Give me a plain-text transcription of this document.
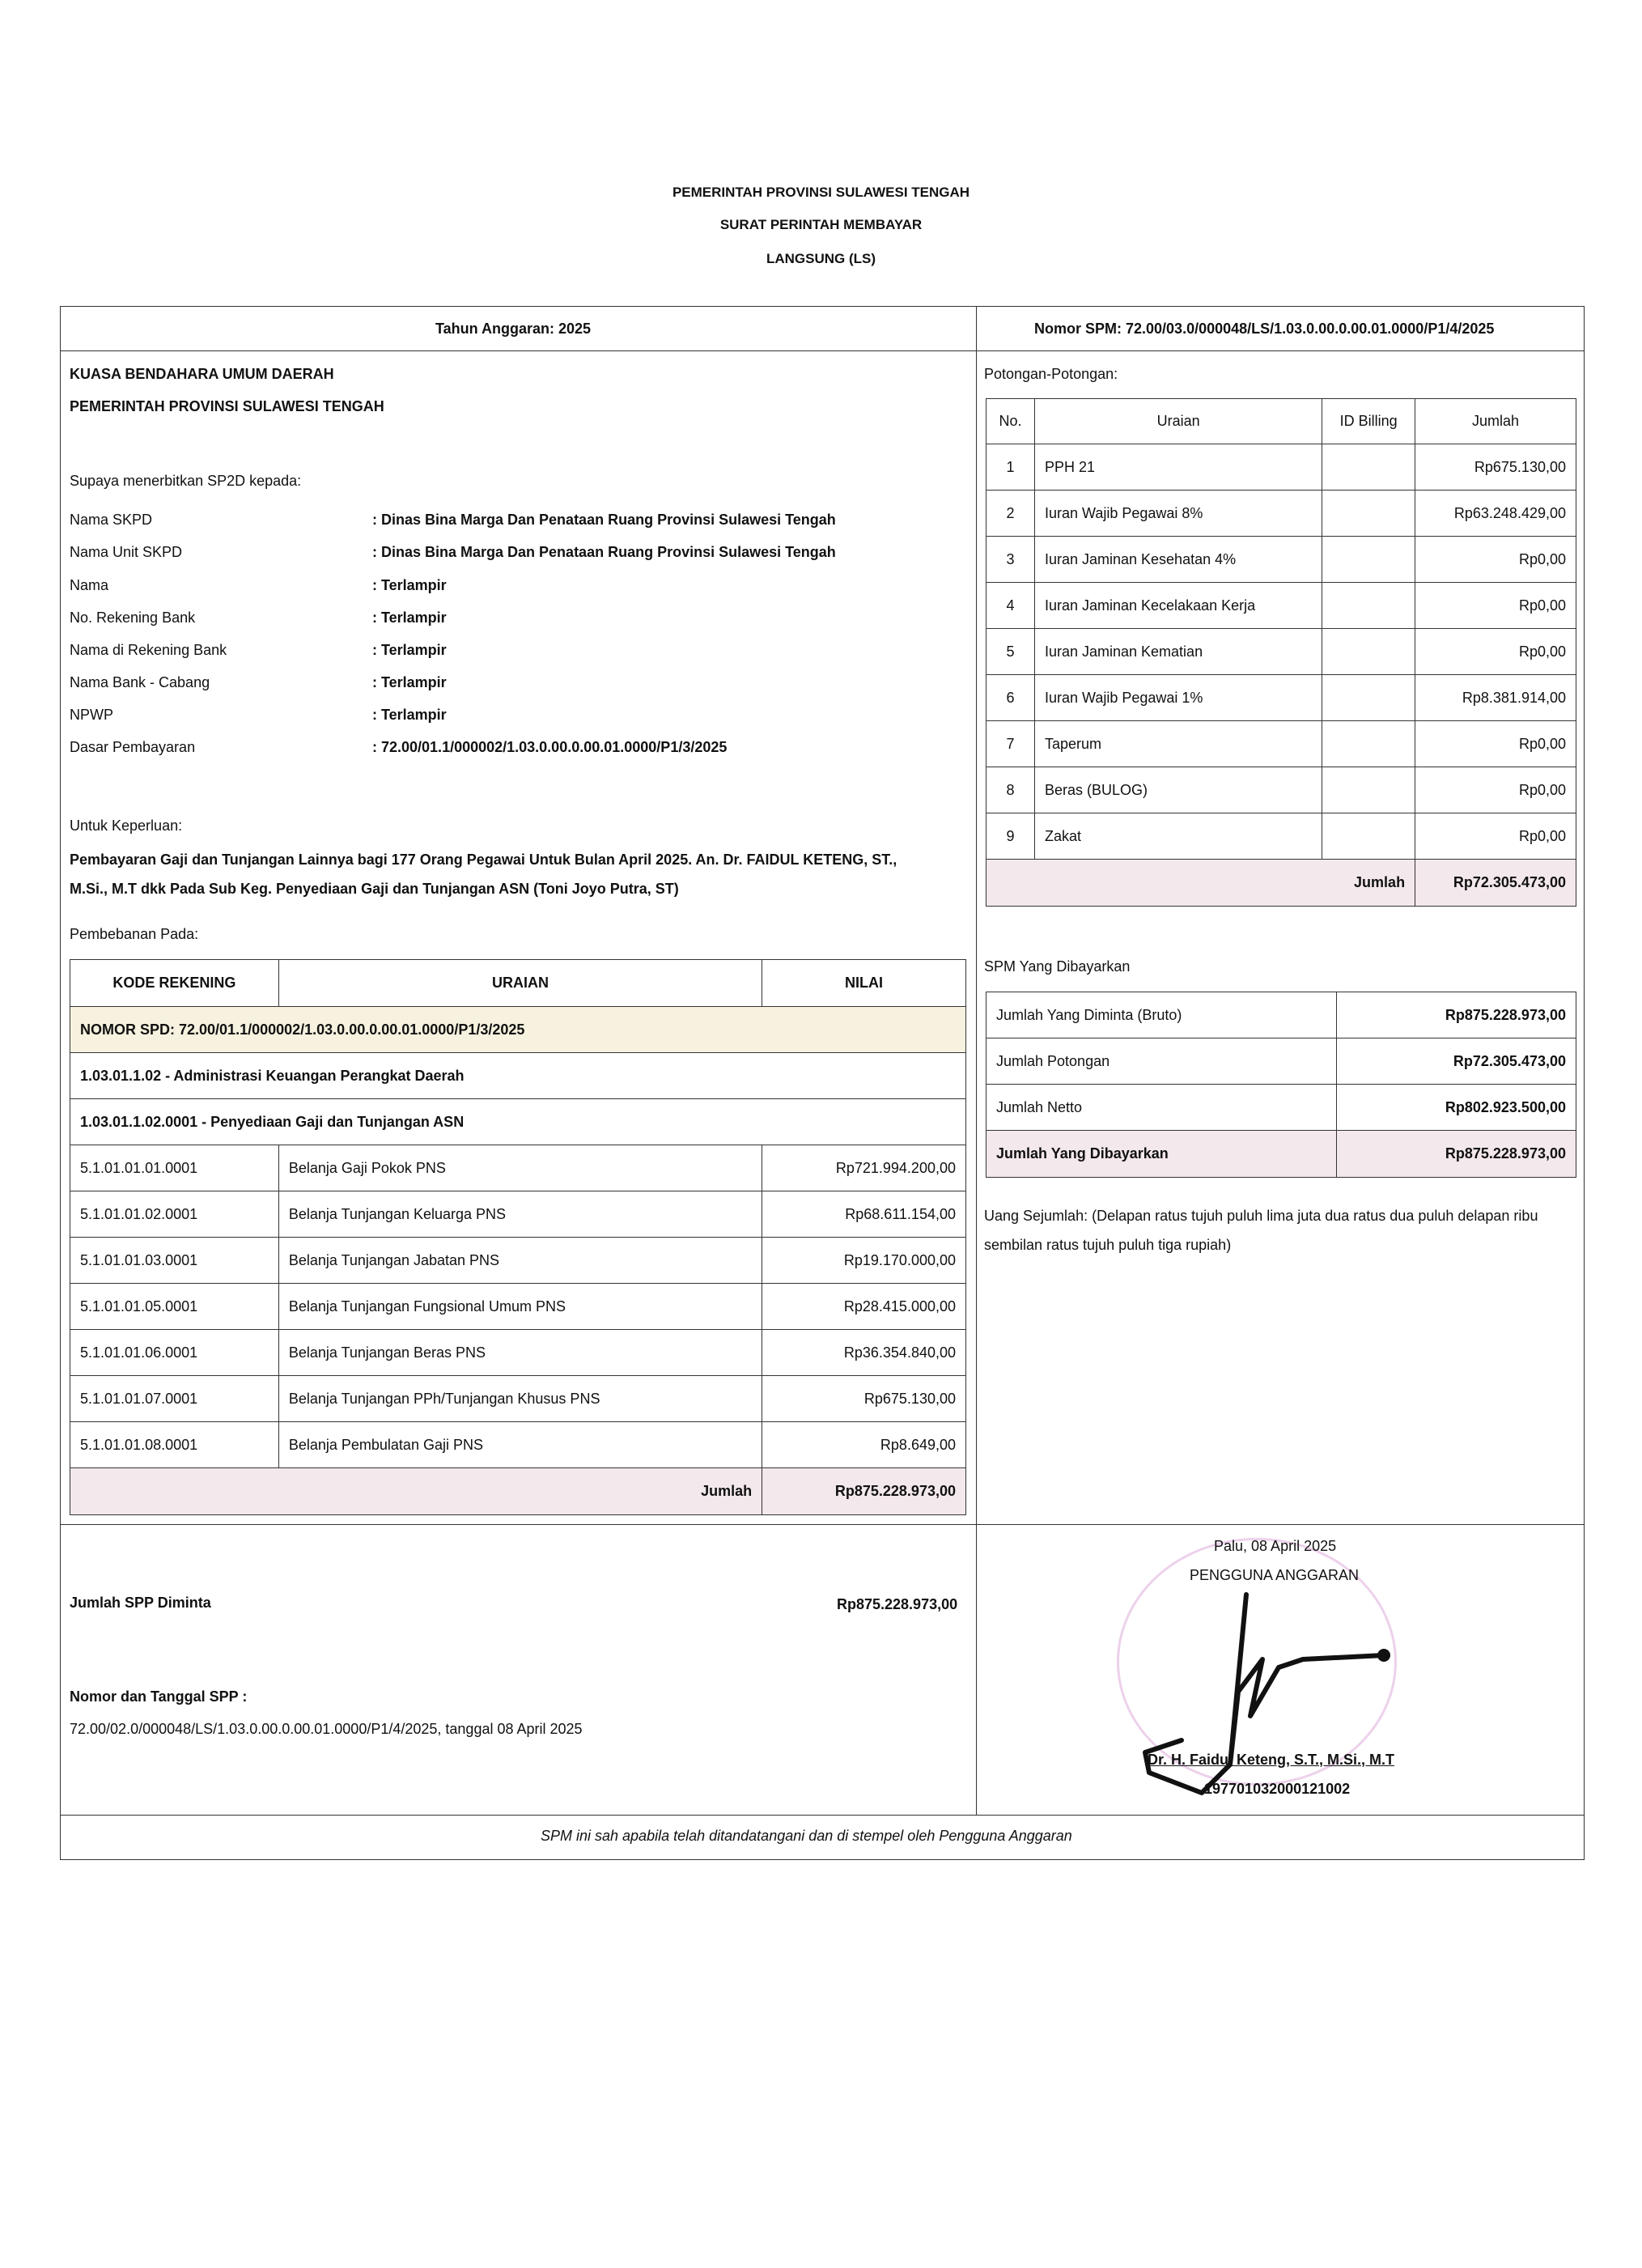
PEMERINTAH PROVINSI SULAWESI TENGAH
SURAT PERINTAH MEMBAYAR
LANGSUNG (LS)
Tahun Anggaran: 2025	Nomor SPM: 72.00/03.0/000048/LS/1.03.0.00.0.00.01.0000/P1/4/2025
KUASA BENDAHARA UMUM DAERAH
PEMERINTAH PROVINSI SULAWESI TENGAH
Supaya menerbitkan SP2D kepada:
Nama SKPD	: Dinas Bina Marga Dan Penataan Ruang Provinsi Sulawesi Tengah
Nama Unit SKPD	: Dinas Bina Marga Dan Penataan Ruang Provinsi Sulawesi Tengah
Nama	: Terlampir
No. Rekening Bank	: Terlampir
Nama di Rekening Bank	: Terlampir
Nama Bank - Cabang	: Terlampir
NPWP	: Terlampir
Dasar Pembayaran	: 72.00/01.1/000002/1.03.0.00.0.00.01.0000/P1/3/2025
Untuk Keperluan:
Pembayaran Gaji dan Tunjangan Lainnya bagi 177 Orang Pegawai Untuk Bulan April 2025. An. Dr. FAIDUL KETENG, ST.,
M.Si., M.T dkk Pada Sub Keg. Penyediaan Gaji dan Tunjangan ASN (Toni Joyo Putra, ST)
Pembebanan Pada:
KODE REKENING	URAIAN	NILAI
NOMOR SPD: 72.00/01.1/000002/1.03.0.00.0.00.01.0000/P1/3/2025		
1.03.01.1.02 - Administrasi Keuangan Perangkat Daerah		
1.03.01.1.02.0001 - Penyediaan Gaji dan Tunjangan ASN		
5.1.01.01.01.0001	Belanja Gaji Pokok PNS	Rp721.994.200,00
5.1.01.01.02.0001	Belanja Tunjangan Keluarga PNS	Rp68.611.154,00
5.1.01.01.03.0001	Belanja Tunjangan Jabatan PNS	Rp19.170.000,00
5.1.01.01.05.0001	Belanja Tunjangan Fungsional Umum PNS	Rp28.415.000,00
5.1.01.01.06.0001	Belanja Tunjangan Beras PNS	Rp36.354.840,00
5.1.01.01.07.0001	Belanja Tunjangan PPh/Tunjangan Khusus PNS	Rp675.130,00
5.1.01.01.08.0001	Belanja Pembulatan Gaji PNS	Rp8.649,00
Jumlah		Rp875.228.973,00
Potongan-Potongan:
No.	Uraian	ID Billing	Jumlah
1	PPH 21		Rp675.130,00
2	Iuran Wajib Pegawai 8%		Rp63.248.429,00
3	Iuran Jaminan Kesehatan 4%		Rp0,00
4	Iuran Jaminan Kecelakaan Kerja		Rp0,00
5	Iuran Jaminan Kematian		Rp0,00
6	Iuran Wajib Pegawai 1%		Rp8.381.914,00
7	Taperum		Rp0,00
8	Beras (BULOG)		Rp0,00
9	Zakat		Rp0,00
Jumlah			Rp72.305.473,00
SPM Yang Dibayarkan
Jumlah Yang Diminta (Bruto)	Rp875.228.973,00
Jumlah Potongan	Rp72.305.473,00
Jumlah Netto	Rp802.923.500,00
Jumlah Yang Dibayarkan	Rp875.228.973,00
Uang Sejumlah: (Delapan ratus tujuh puluh lima juta dua ratus dua puluh delapan ribu
sembilan ratus tujuh puluh tiga rupiah)
Jumlah SPP Diminta	Rp875.228.973,00
Nomor dan Tanggal SPP :
72.00/02.0/000048/LS/1.03.0.00.0.00.01.0000/P1/4/2025, tanggal 08 April 2025
Palu, 08 April 2025
PENGGUNA ANGGARAN
Dr. H. Faidul Keteng, S.T., M.Si., M.T
197701032000121002
SPM ini sah apabila telah ditandatangani dan di stempel oleh Pengguna Anggaran
